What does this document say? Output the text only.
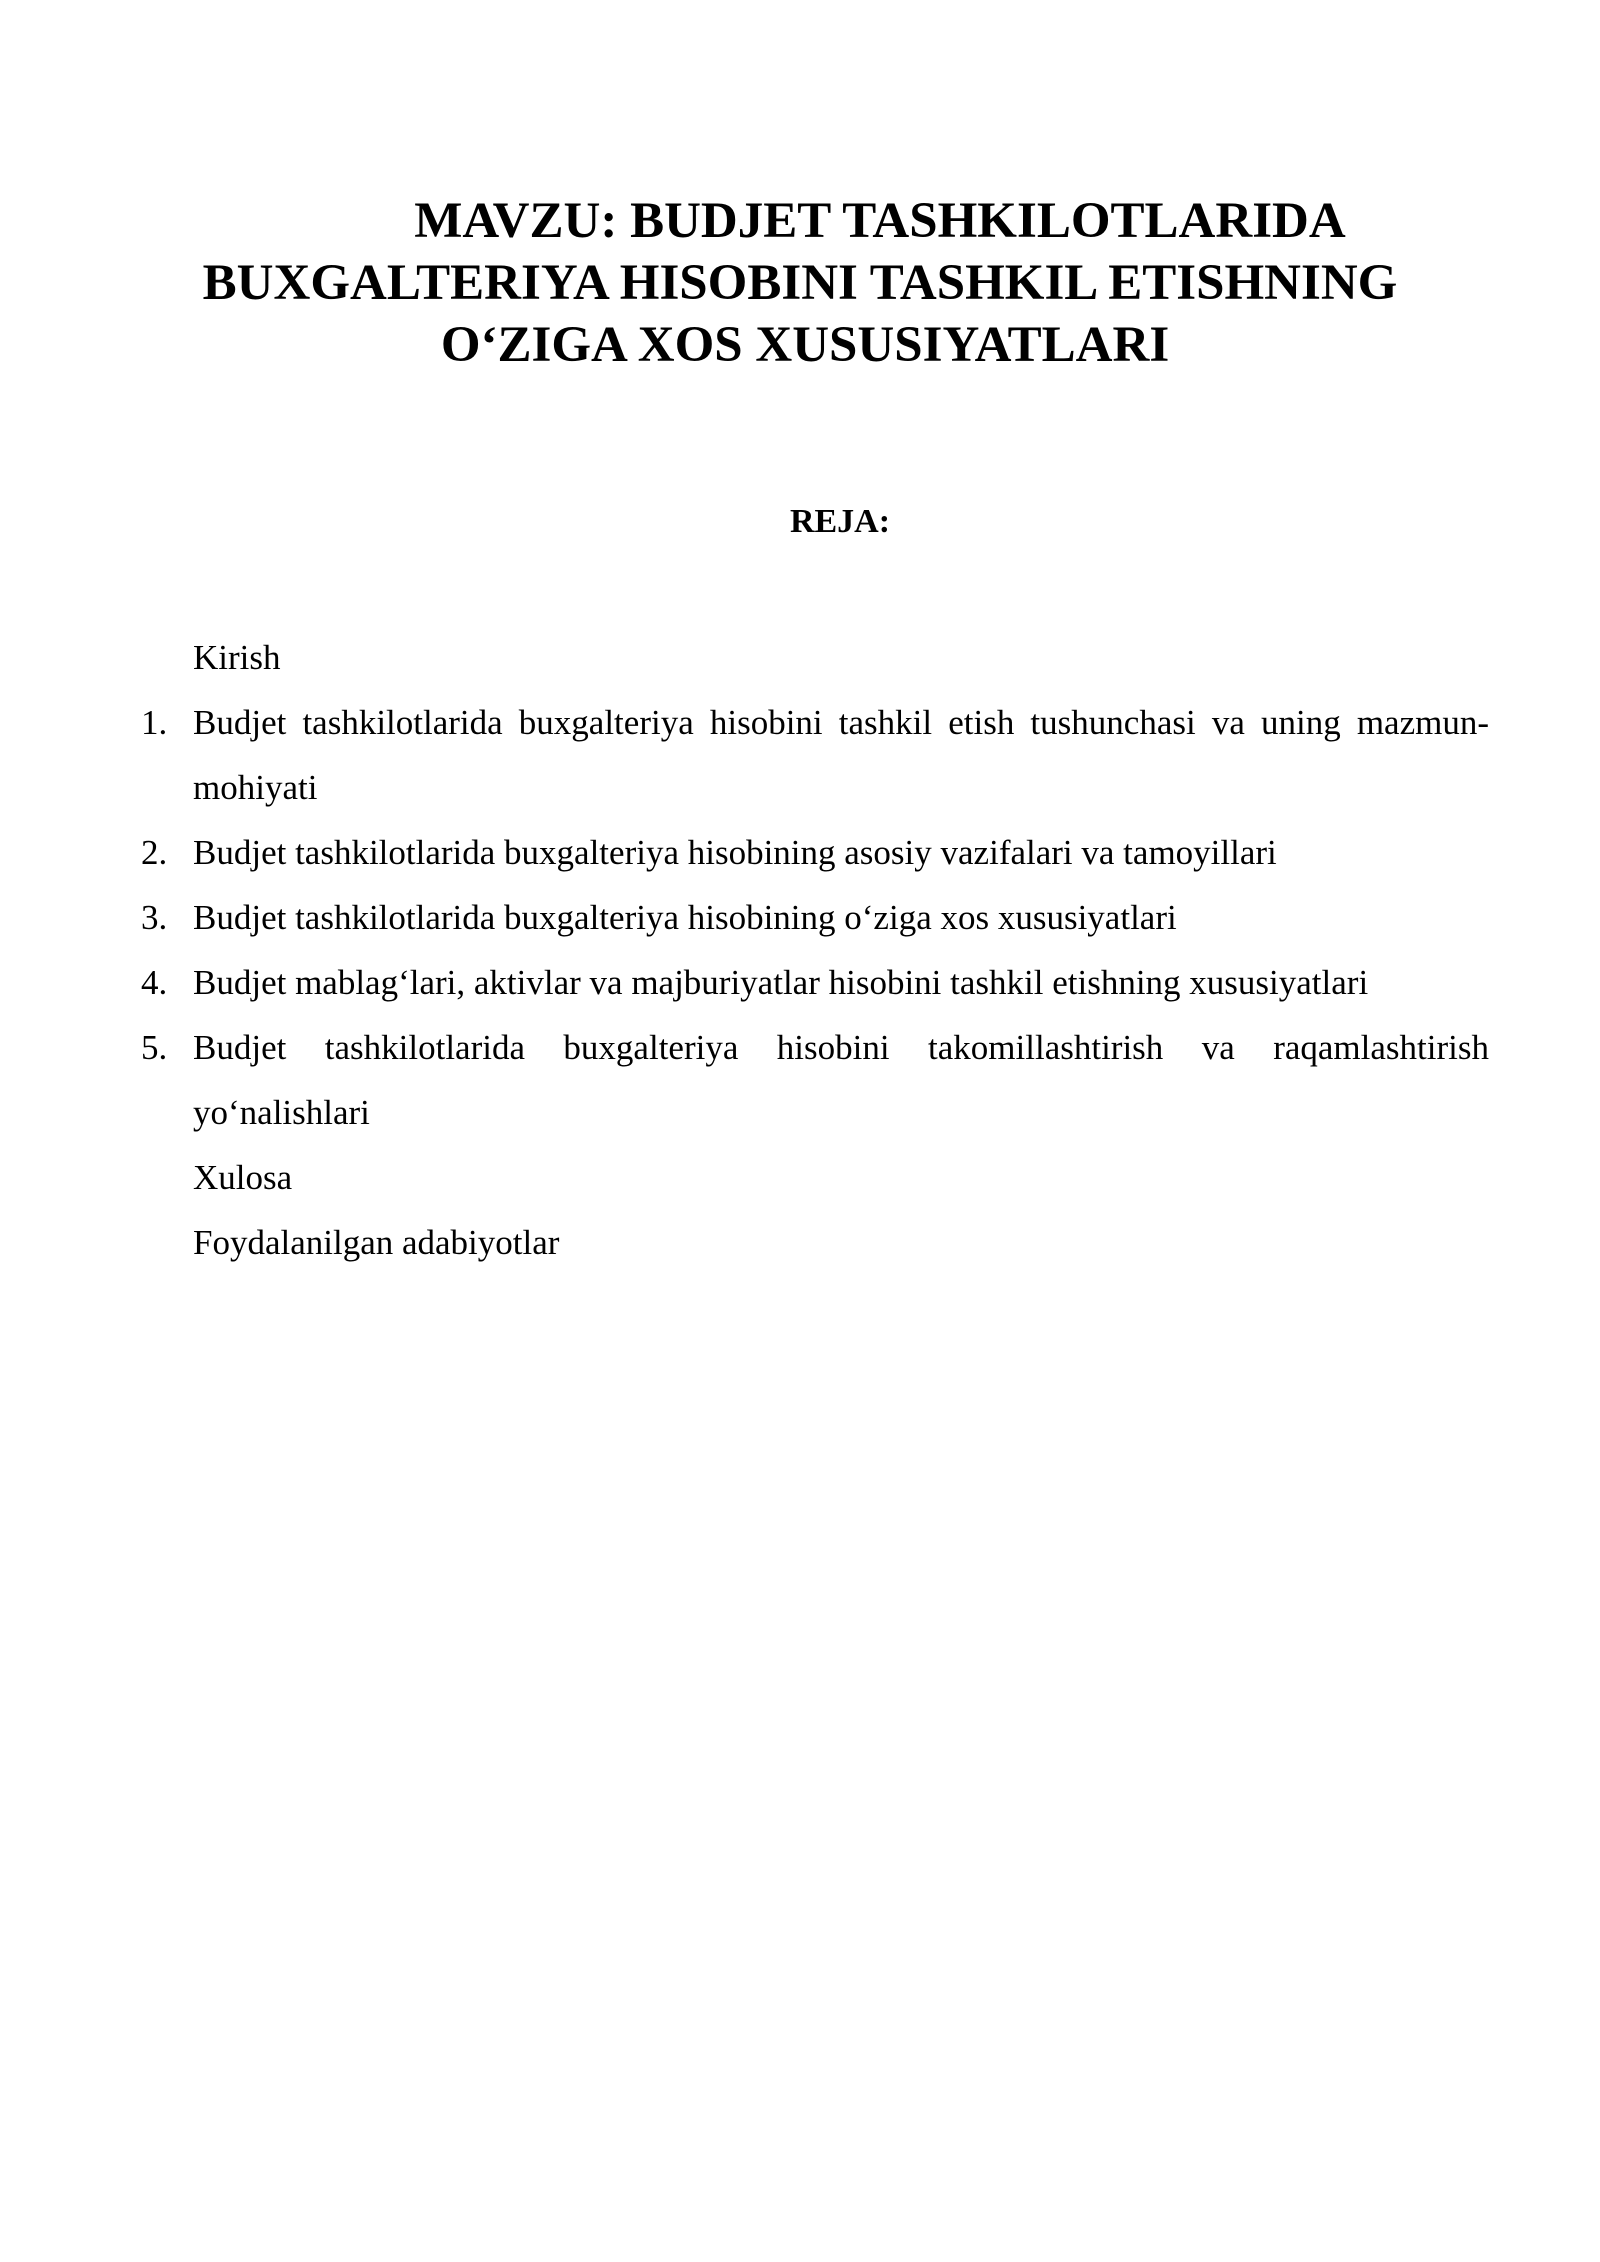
MAVZU: BUDJET TASHKILOTLARIDA
BUXGALTERIYA HISOBINI TASHKIL ETISHNING
O‘ZIGA XOS XUSUSIYATLARI
REJA:
Kirish
1. Budjet tashkilotlarida buxgalteriya hisobini tashkil etish tushunchasi va uning mazmun-mohiyati
2. Budjet tashkilotlarida buxgalteriya hisobining asosiy vazifalari va tamoyillari
3. Budjet tashkilotlarida buxgalteriya hisobining o‘ziga xos xususiyatlari
4. Budjet mablag‘lari, aktivlar va majburiyatlar hisobini tashkil etishning xususiyatlari
5. Budjet tashkilotlarida buxgalteriya hisobini takomillashtirish va raqamlashtirish yo‘nalishlari
Xulosa
Foydalanilgan adabiyotlar
